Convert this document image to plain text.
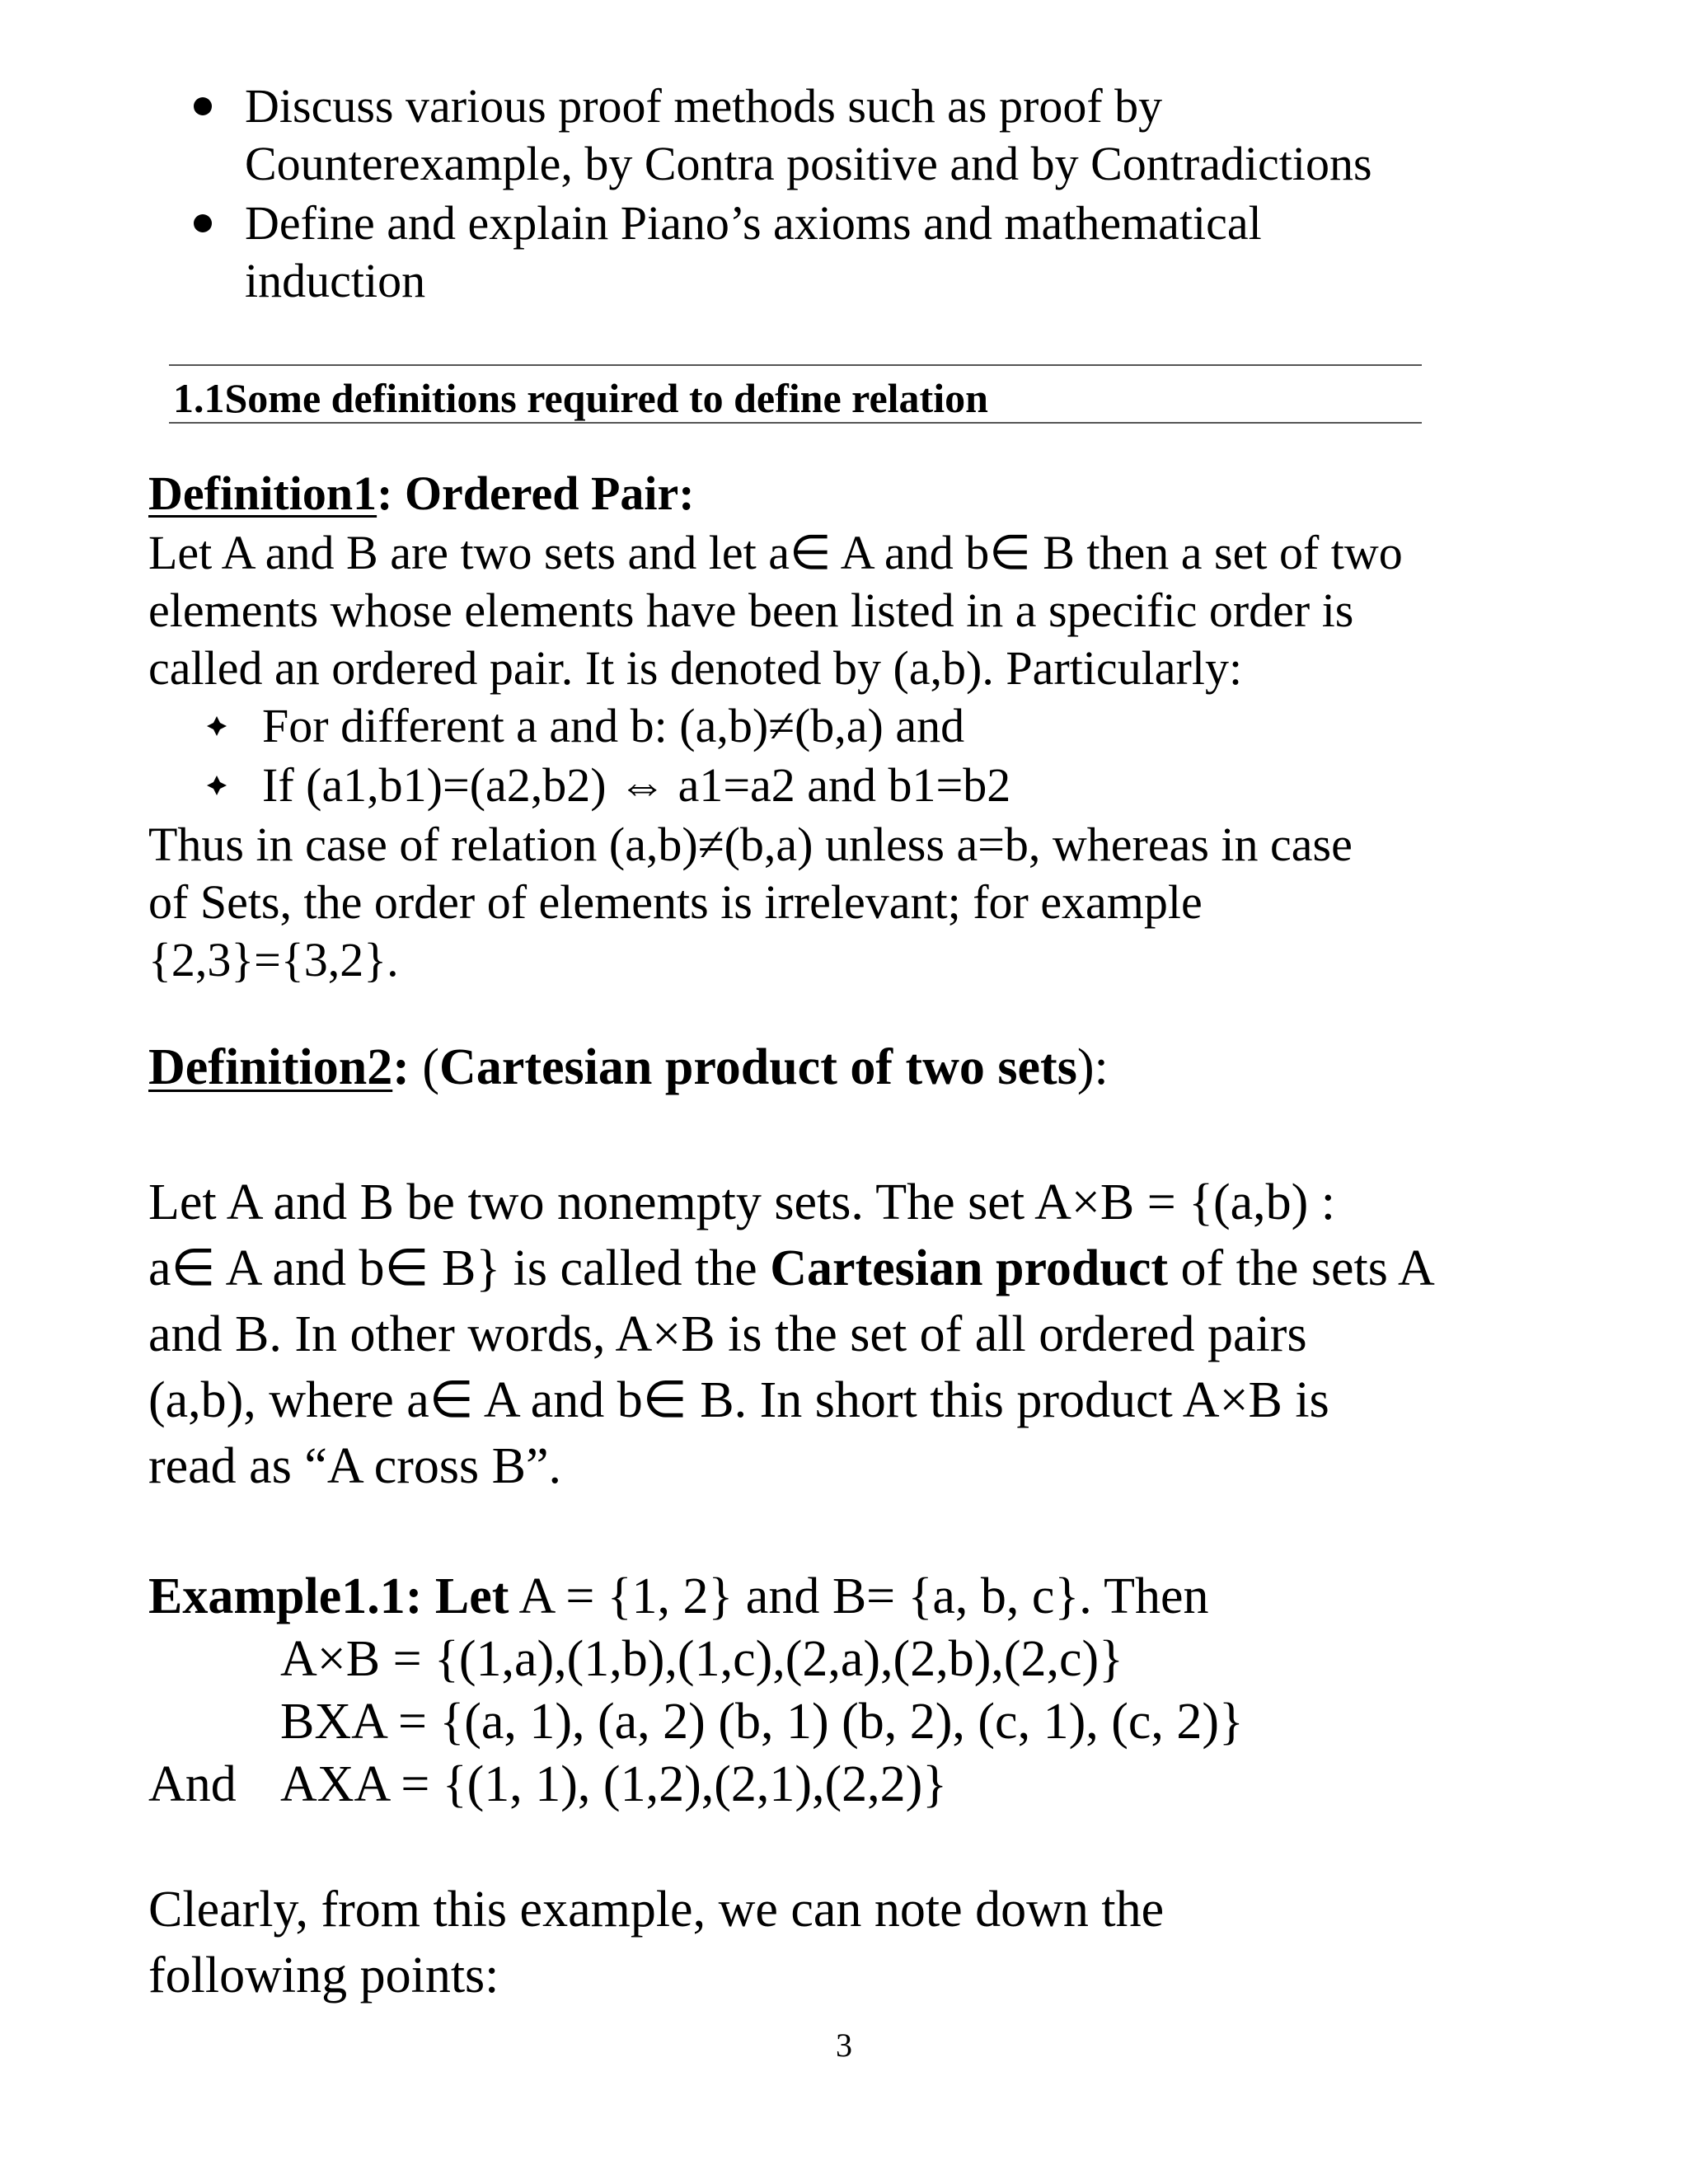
Discuss various proof methods such as proof by
Counterexample, by Contra positive and by Contradictions
Define and explain Piano’s axioms and mathematical
induction
1.1Some definitions required to define relation
Definition1: Ordered Pair:
Let A and B are two sets and let a∈ A and b∈ B then a set of two
elements whose elements have been listed in a specific order is
called an ordered pair. It is denoted by (a,b). Particularly:
For different a and b: (a,b)≠(b,a) and
If (a1,b1)=(a2,b2) ⇔ a1=a2 and b1=b2
Thus in case of relation (a,b)≠(b,a) unless a=b, whereas in case
of Sets, the order of elements is irrelevant; for example
{2,3}={3,2}.
Definition2: (Cartesian product of two sets):
Let A and B be two nonempty sets. The set A×B = {(a,b) :
a∈ A and b∈ B} is called the Cartesian product of the sets A
and B. In other words, A×B is the set of all ordered pairs
(a,b), where a∈ A and b∈ B. In short this product A×B is
read as “A cross B”.
Example1.1: Let A = {1, 2} and B= {a, b, c}. Then
A×B = {(1,a),(1,b),(1,c),(2,a),(2,b),(2,c)}
BXA = {(a, 1), (a, 2) (b, 1) (b, 2), (c, 1), (c, 2)}
And AXA = {(1, 1), (1,2),(2,1),(2,2)}
Clearly, from this example, we can note down the
following points:
3
